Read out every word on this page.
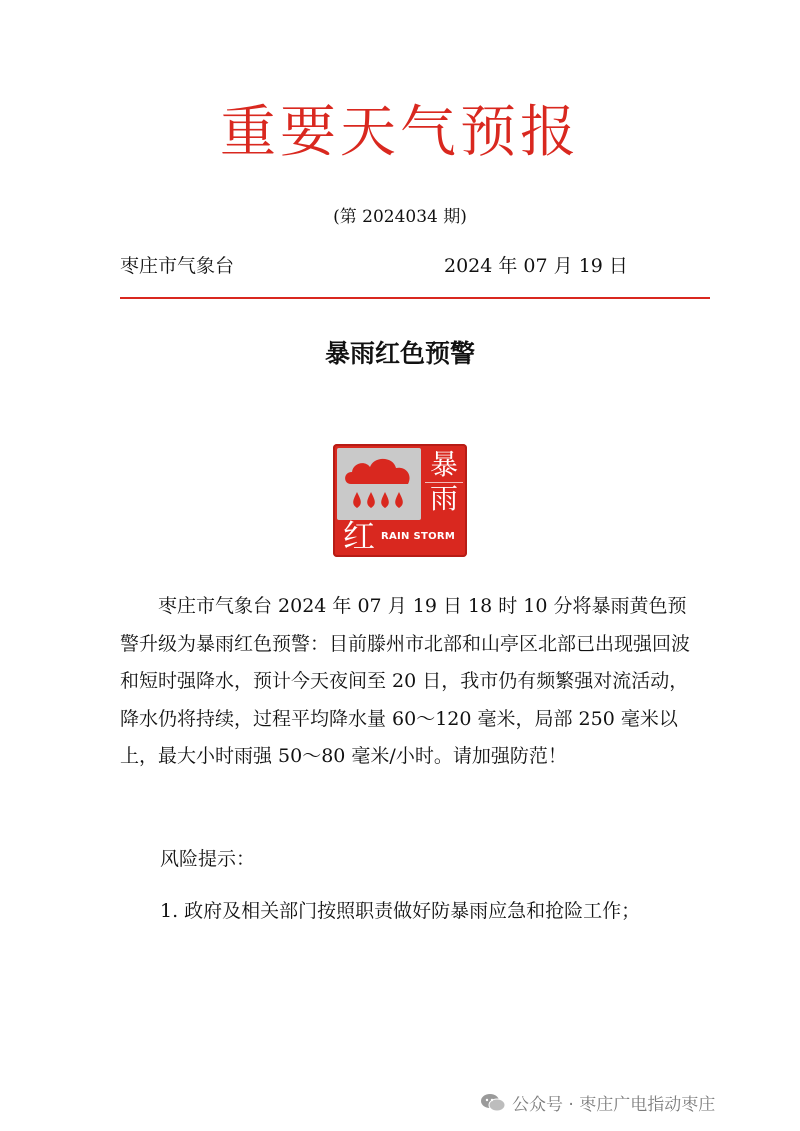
重要天气预报
(第 2024034 期)
枣庄市气象台	2024 年 07 月 19 日
暴雨红色预警
暴
雨
红 RAIN STORM

枣庄市气象台 2024 年 07 月 19 日 18 时 10 分将暴雨黄色预警升级为暴雨红色预警：目前滕州市北部和山亭区北部已出现强回波和短时强降水，预计今天夜间至 20 日，我市仍有频繁强对流活动，降水仍将持续，过程平均降水量 60～120 毫米，局部 250 毫米以上，最大小时雨强 50～80 毫米/小时。请加强防范！

风险提示：
1. 政府及相关部门按照职责做好防暴雨应急和抢险工作；
公众号 · 枣庄广电指动枣庄
